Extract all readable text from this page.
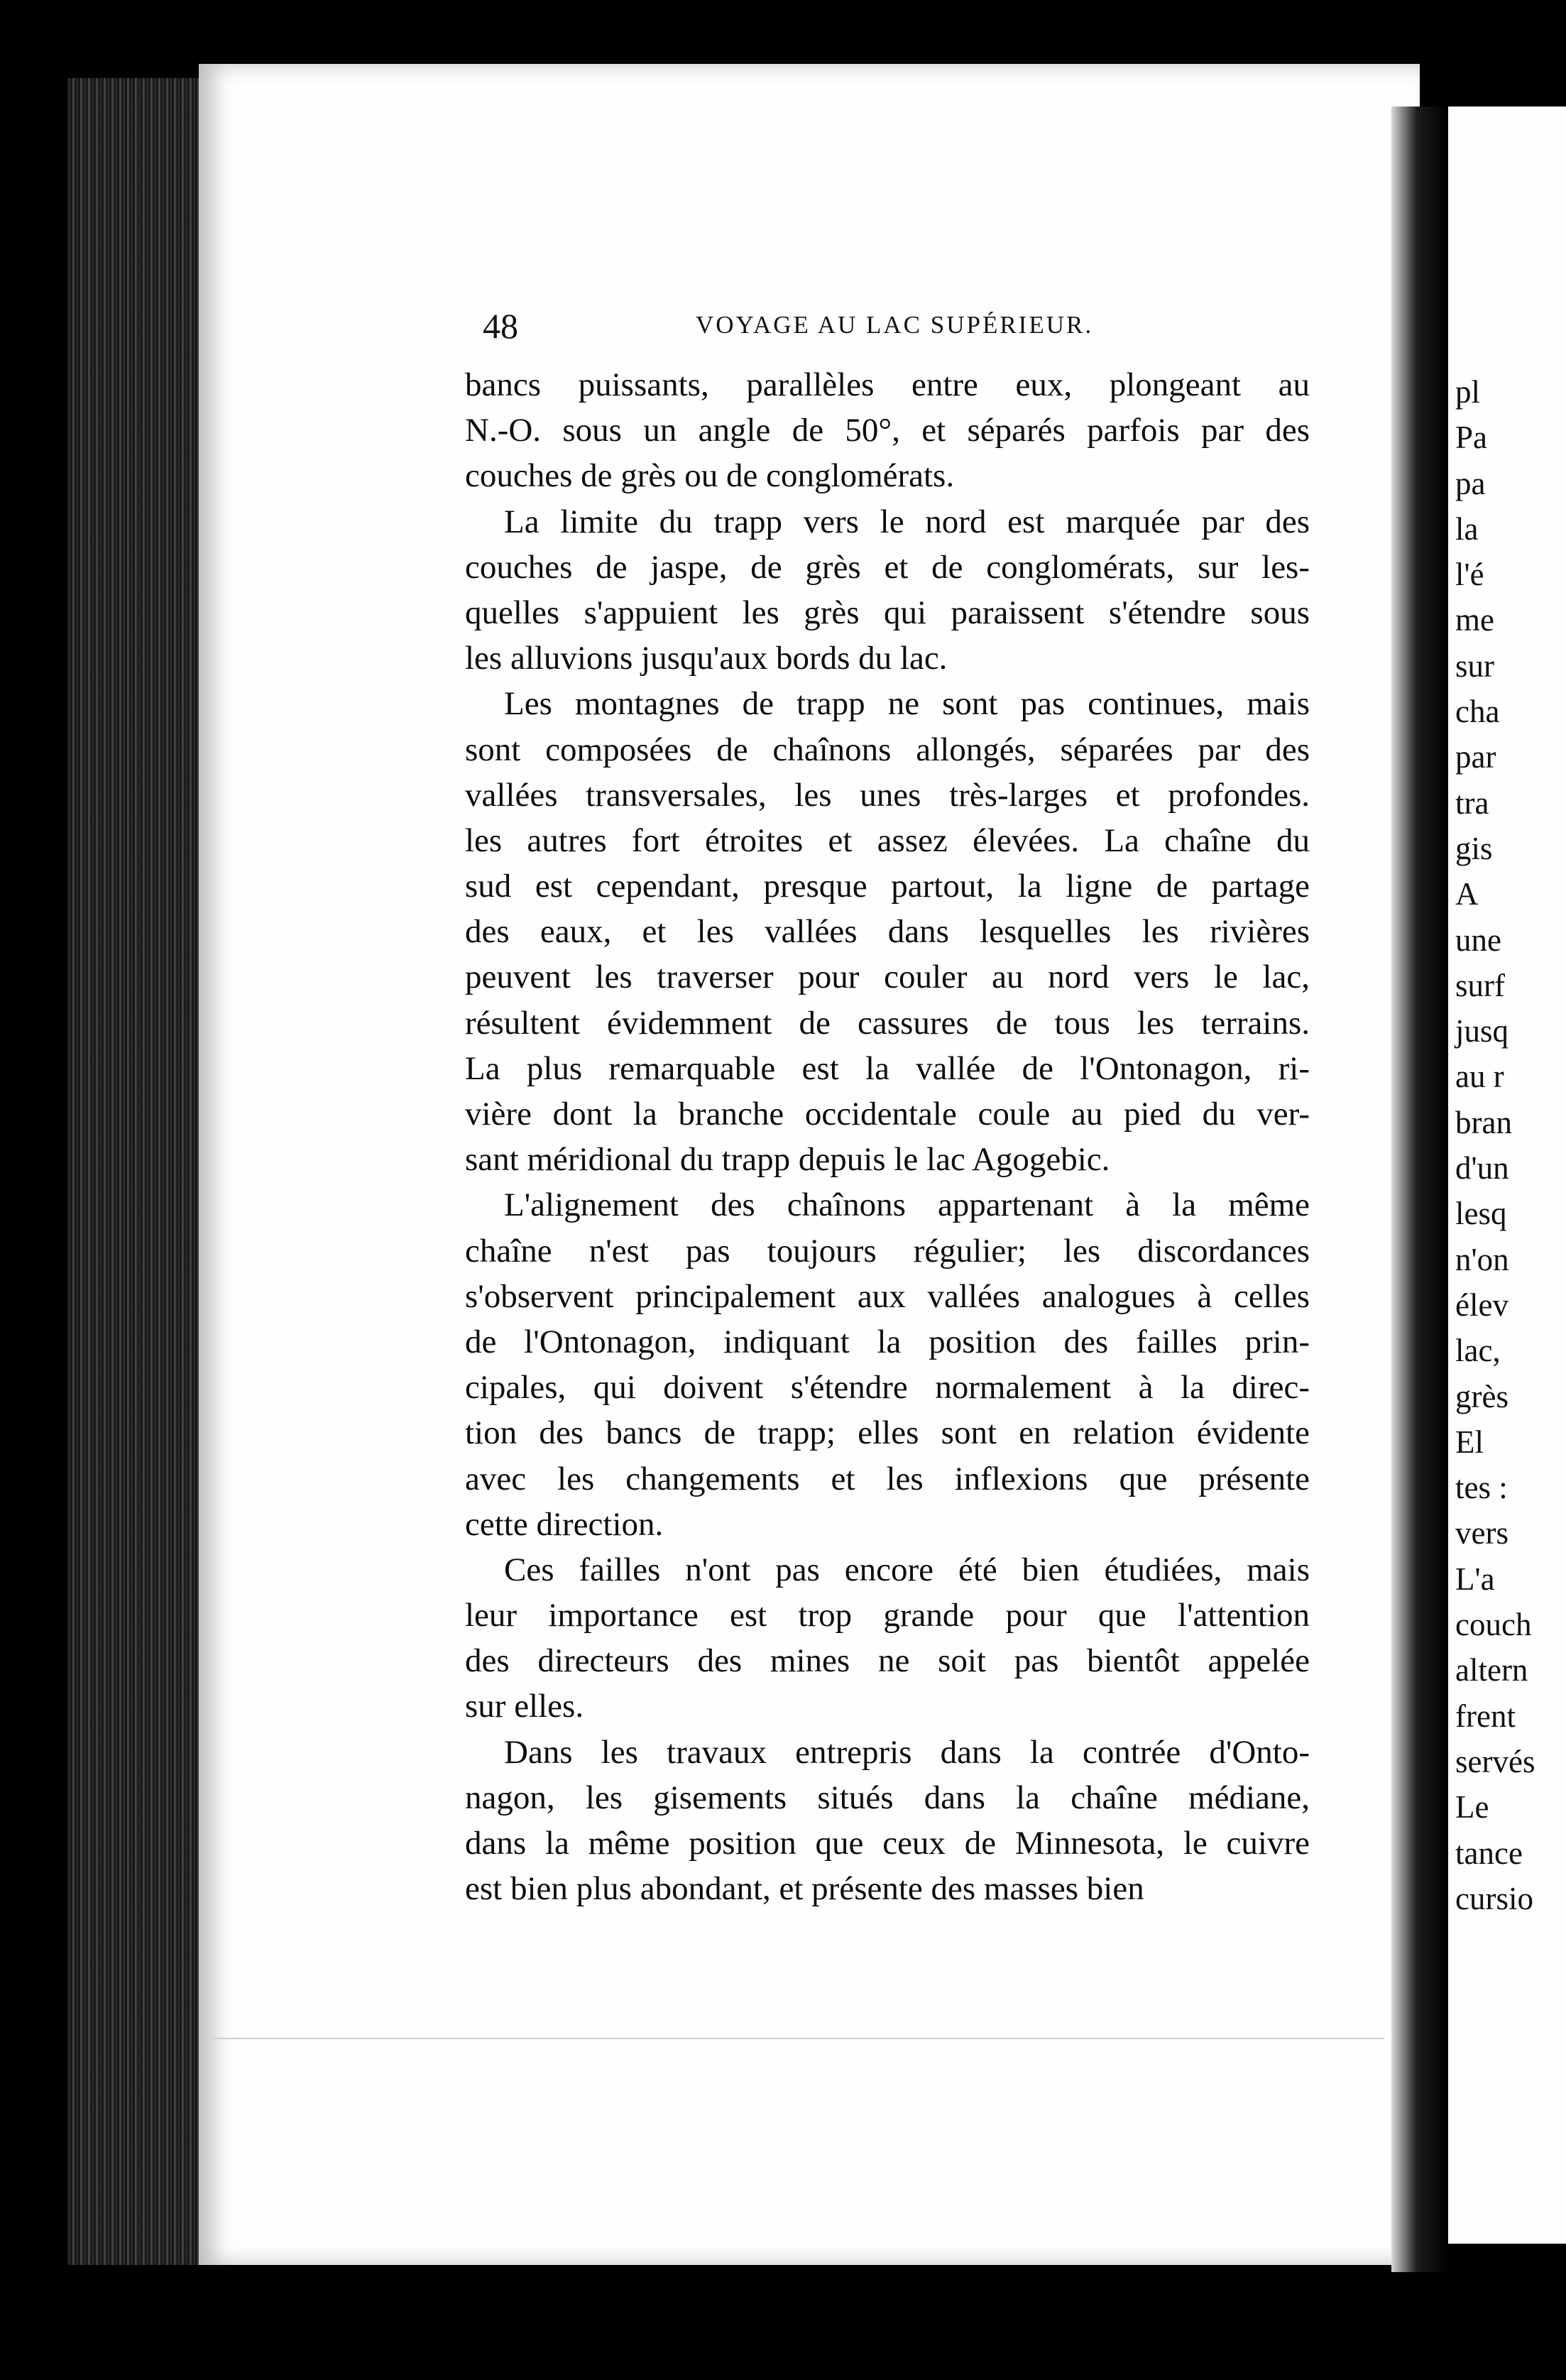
pl
Pa
pa
la
l'é
me
sur
cha
par
tra
gis
A
une
surf
jusq
au r
bran
d'un
lesq
n'on
élev
lac,
grès
El
tes :
vers
L'a
couch
altern
frent
servés
Le
tance
cursio
48	VOYAGE AU LAC SUPÉRIEUR.
bancs puissants, parallèles entre eux, plongeant au
N.-O. sous un angle de 50°, et séparés parfois par des
couches de grès ou de conglomérats.
La limite du trapp vers le nord est marquée par des
couches de jaspe, de grès et de conglomérats, sur les-
quelles s'appuient les grès qui paraissent s'étendre sous
les alluvions jusqu'aux bords du lac.
Les montagnes de trapp ne sont pas continues, mais
sont composées de chaînons allongés, séparées par des
vallées transversales, les unes très-larges et profondes.
les autres fort étroites et assez élevées. La chaîne du
sud est cependant, presque partout, la ligne de partage
des eaux, et les vallées dans lesquelles les rivières
peuvent les traverser pour couler au nord vers le lac,
résultent évidemment de cassures de tous les terrains.
La plus remarquable est la vallée de l'Ontonagon, ri-
vière dont la branche occidentale coule au pied du ver-
sant méridional du trapp depuis le lac Agogebic.
L'alignement des chaînons appartenant à la même
chaîne n'est pas toujours régulier; les discordances
s'observent principalement aux vallées analogues à celles
de l'Ontonagon, indiquant la position des failles prin-
cipales, qui doivent s'étendre normalement à la direc-
tion des bancs de trapp; elles sont en relation évidente
avec les changements et les inflexions que présente
cette direction.
Ces failles n'ont pas encore été bien étudiées, mais
leur importance est trop grande pour que l'attention
des directeurs des mines ne soit pas bientôt appelée
sur elles.
Dans les travaux entrepris dans la contrée d'Onto-
nagon, les gisements situés dans la chaîne médiane,
dans la même position que ceux de Minnesota, le cuivre
est bien plus abondant, et présente des masses bien
